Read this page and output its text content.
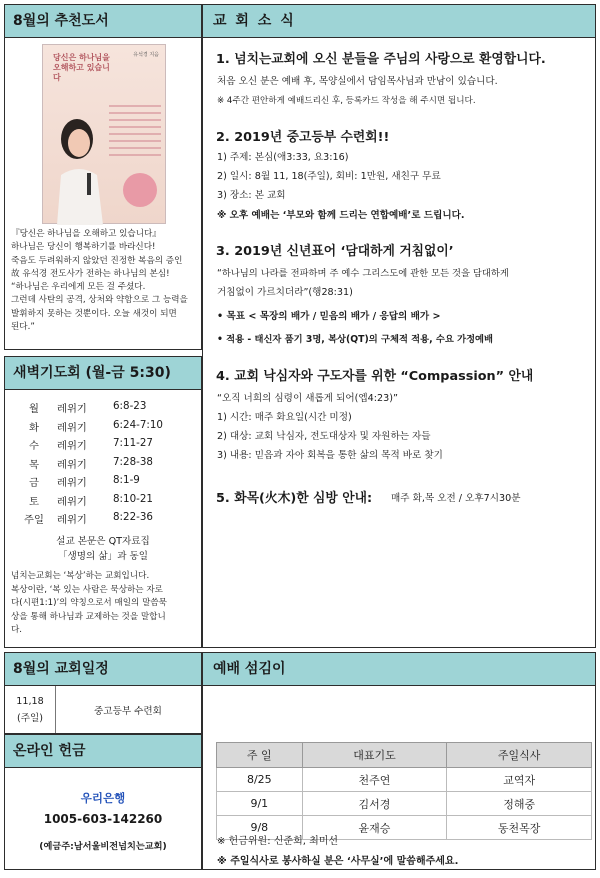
8월의 추천도서
당신은 하나님을 오해하고 있습니다
유석경 지음
『당신은 하나님을 오해하고 있습니다』
하나님은 당신이 행복하기를 바라신다!
죽음도 두려워하지 않았던 진정한 복음의 증인
故 유석경 전도사가 전하는 하나님의 본심!
“하나님은 우리에게 모든 걸 주셨다.
그런데 사탄의 공격, 상처와 약함으로 그 능력을
발휘하지 못하는 것뿐이다. 오늘 새것이 되면
된다.”
새벽기도회 (월-금 5:30)
월	레위기	6:8-23
화	레위기	6:24-7:10
수	레위기	7:11-27
목	레위기	7:28-38
금	레위기	8:1-9
토	레위기	8:10-21
주일 레위기	8:22-36
설교 본문은 QT자료집
「생명의 삶」과 동일
넘치는교회는 ‘복상’하는 교회입니다.
복상이란, ‘복 있는 사람은 묵상하는 자로
다(시편1:1)’의 약칭으로서 매일의 말씀묵
상을 통해 하나님과 교제하는 것을 말합니
다.
교 회 소 식
1. 넘치는교회에 오신 분들을 주님의 사랑으로 환영합니다.
처음 오신 분은 예배 후, 목양실에서 담임목사님과 만남이 있습니다.
※ 4주간 편안하게 예배드리신 후, 등록카드 작성을 해 주시면 됩니다.
2. 2019년 중고등부 수련회!!
1) 주제: 본심(애3:33, 요3:16)
2) 일시: 8월 11, 18(주일), 회비: 1만원, 새친구 무료
3) 장소: 본 교회
※ 오후 예배는 ‘부모와 함께 드리는 연합예배’로 드립니다.
3. 2019년 신년표어 ‘담대하게 거침없이’
“하나님의 나라를 전파하며 주 예수 그리스도에 관한 모든 것을 담대하게
거침없이 가르치더라”(행28:31)
• 목표 < 목장의 배가 / 믿음의 배가 / 응답의 배가 >
• 적용 - 태신자 품기 3명, 복상(QT)의 구체적 적용, 수요 가정예배
4. 교회 낙심자와 구도자를 위한 “Compassion” 안내
“오직 너희의 심령이 새롭게 되어(엡4:23)”
1) 시간: 매주 화요일(시간 미정)
2) 대상: 교회 낙심자, 전도대상자 및 자원하는 자들
3) 내용: 믿음과 자아 회복을 통한 삶의 목적 바로 찾기
5. 화목(火木)한 심방 안내: 매주 화,목 오전 / 오후7시30분
8월의 교회일정
11,18
(주일)
중고등부 수련회
온라인 헌금
우리은행
1005-603-142260
(예금주:남서울비전넘치는교회)
예배 섬김이
주 일	대표기도	주일식사
8/25	천주연	교역자
9/1	김서경	정해중
9/8	윤재승	동천목장
※ 헌금위원: 신준희, 최미선
※ 주일식사로 봉사하실 분은 ‘사무실’에 말씀해주세요.
